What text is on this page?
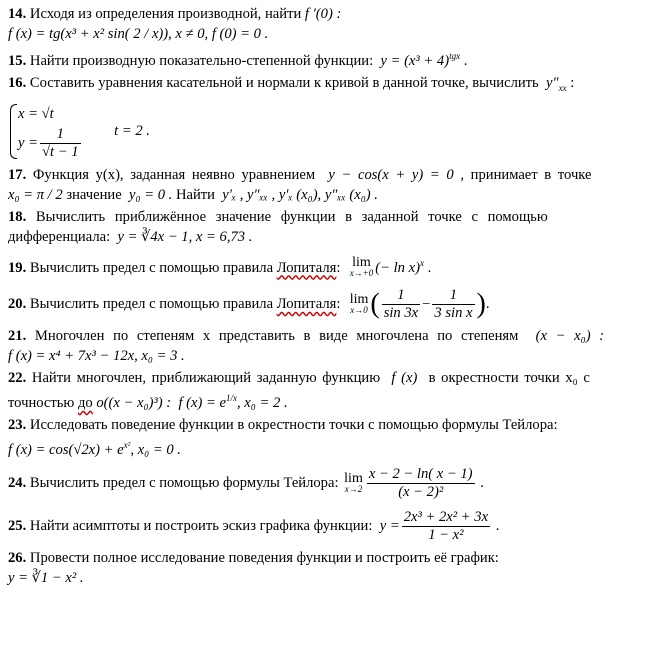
14. Исходя из определения производной, найти f ′(0) :
f (x) = tg(x³ + x² sin( 2 / x)), x ≠ 0, f (0) = 0 .
15. Найти производную показательно-степенной функции: $y = (x^3 + 4)^{tgx}$ .
16. Составить уравнения касательной и нормали к кривой в данной точке, вычислить $y''_{xx}$ :
x = √t
$y = \frac{1}{√t - 1}$ t = 2 .
17. Функция y(x), заданная неявно уравнением y − cos(x + y) = 0 , принимает в точке
x₀ = π / 2 значение y₀ = 0 . Найти y′ₓ , y″ₓₓ , y′ₓ (x₀), y″ₓₓ (x₀) .
18. Вычислить приближённое значение функции в заданной точке с помощью
дифференциала: y = ∛4x − 1, x = 6,73 .
19. Вычислить предел с помощью правила Лопиталя: lim
x→+0 (− ln x)$^x$ .
20. Вычислить предел с помощью правила Лопиталя: lim
x→0 ( $\frac{1}{\sin 3x} - \frac{1}{\text{3 sin x}}$ ).
21. Многочлен по степеням x представить в виде многочлена по степеням (x − x₀) :
f (x) = x⁴ + 7x³ − 12x, x₀ = 3 .
22. Найти многочлен, приближающий заданную функцию f (x) в окрестности точки x₀ с
точностью до o((x − x₀)³) : f $(x) = e^{1/x}$, x₀ = 2 .
23. Исследовать поведение функции в окрестности точки с помощью формулы Тейлора:
f $(x) = \cos(√2x) + e^{x^2}$, x₀ = 0 .
24. Вычислить предел с помощью формулы Тейлора: lim
$x\to 2 \frac{x - 2 - \ln( x - 1)}{\text{(x − 2)²}}$ .
25. Найти асимптоты и построить эскиз графика функции: $y = \frac{\text{2x³ + 2x² + 3x}}{\text{1 − x²}}$ .
26. Провести полное исследование поведения функции и построить её график:
y = ∛1 − x² .
